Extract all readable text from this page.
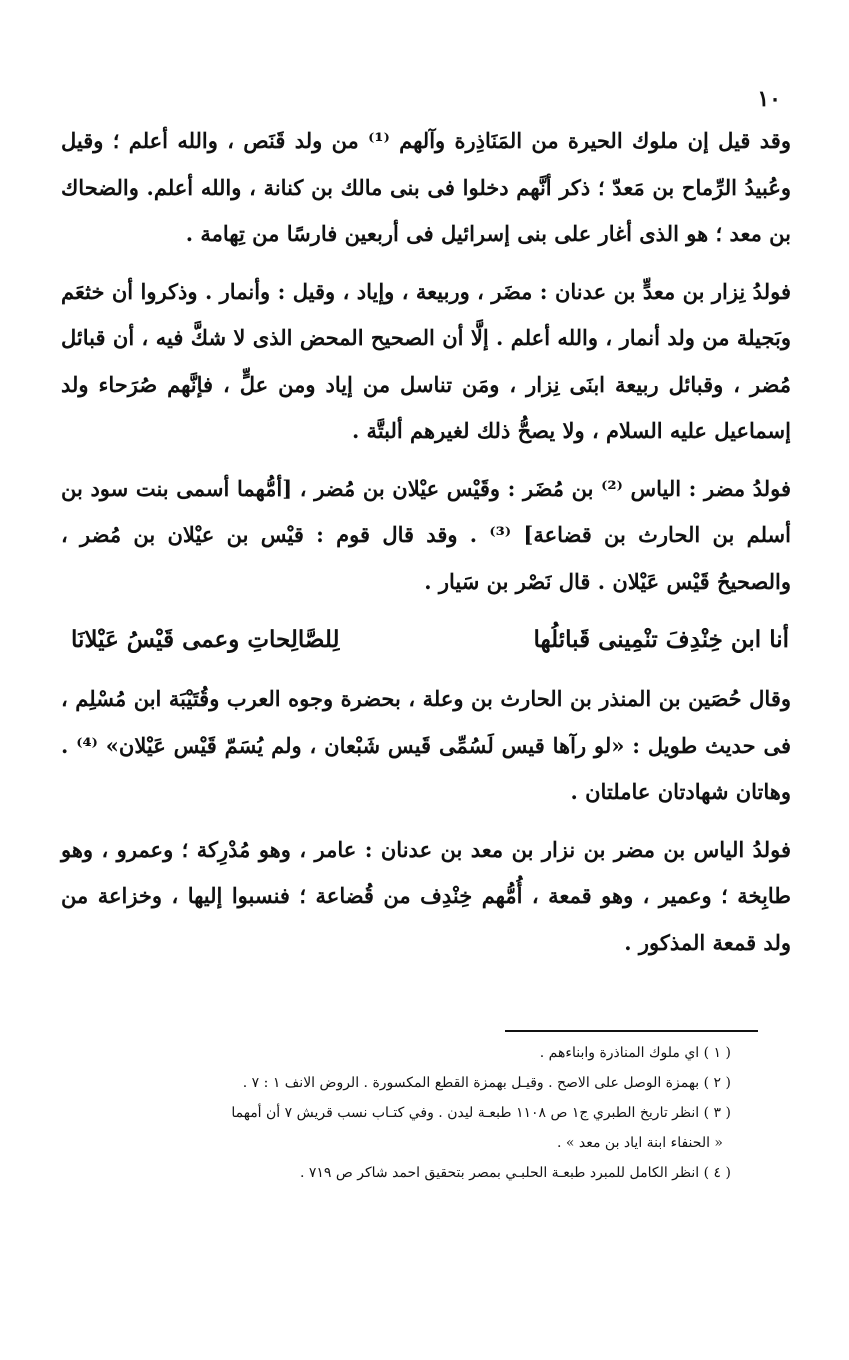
١٠

وقد قيل إن ملوك الحيرة من المَنَاذِرة وآلهم ⁽¹⁾ من ولد قَنَص ، والله أعلم ؛ وقيل وعُبيدُ الرِّماح بن مَعدّ ؛ ذكر أنَّهم دخلوا فى بنى مالك بن كنانة ، والله أعلم. والضحاك بن معد ؛ هو الذى أغار على بنى إسرائيل فى أربعين فارسًا من تِهامة .

فولدُ نِزار بن معدٍّ بن عدنان : مضَر ، وربيعة ، وإياد ، وقيل : وأنمار . وذكروا أن خثعَم وبَجيلة من ولد أنمار ، والله أعلم . إلَّا أن الصحيح المحض الذى لا شكَّ فيه ، أن قبائل مُضر ، وقبائل ربيعة ابنَى نِزار ، ومَن تناسل من إياد ومن علٍّ ، فإنَّهم صُرَحاء ولد إسماعيل عليه السلام ، ولا يصحُّ ذلك لغيرهم ألبتَّة .

فولدُ مضر : الياس ⁽²⁾ بن مُضَر : وقَيْس عيْلان بن مُضر ، [أمُّهما أسمى بنت سود بن أسلم بن الحارث بن قضاعة] ⁽³⁾ . وقد قال قوم : قيْس بن عيْلان بن مُضر ، والصحيحُ قَيْس عَيْلان . قال نَصْر بن سَيار .

أنا ابن خِنْدِفَ تنْمِينى قَبائلُها
لِلصَّالِحاتِ وعمى قَيْسُ عَيْلانَا

وقال حُصَين بن المنذر بن الحارث بن وعلة ، بحضرة وجوه العرب وقُتَيْبَة ابن مُسْلِم ، فى حديث طويل : «لو رآها قيس لَسُمِّى قَيس شَبْعان ، ولم يُسَمّ قَيْس عَيْلان» ⁽⁴⁾ . وهاتان شهادتان عاملتان .

فولدُ الياس بن مضر بن نزار بن معد بن عدنان : عامر ، وهو مُدْرِكة ؛ وعمرو ، وهو طابِخة ؛ وعمير ، وهو قمعة ، أُمُّهم خِنْدِف من قُضاعة ؛ فنسبوا إليها ، وخزاعة من ولد قمعة المذكور .

( ١ ) اي ملوك المناذرة وابناءهم .
( ٢ ) بهمزة الوصل على الاصح . وقيـل بهمزة القطع المكسورة . الروض الانف ١ : ٧ .
( ٣ ) انظر تاريخ الطبري ج١ ص ١١٠٨ طبعـة ليدن . وفي كتـاب نسب قريش ٧ أن أمهما
« الحنفاء ابنة اياد بن معد » .
( ٤ ) انظر الكامل للمبرد طبعـة الحلبـي بمصر بتحقيق احمد شاكر ص ٧١٩ .
